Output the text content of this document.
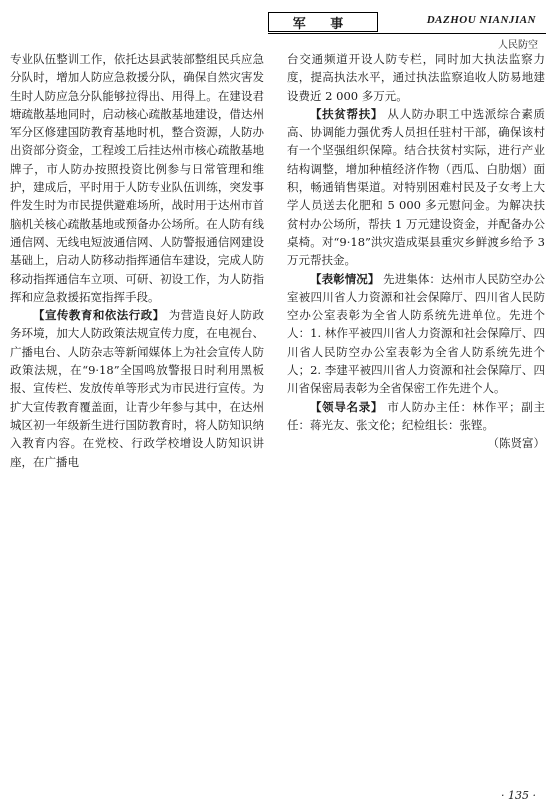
军 事	DAZHOU NIANJIAN
人民防空

专业队伍整训工作，依托达县武装部整组民兵应急分队时，增加人防应急救援分队，确保自然灾害发生时人防应急分队能够拉得出、用得上。在建设君塘疏散基地同时，启动核心疏散基地建设，借达州军分区修建国防教育基地时机，整合资源，人防办出资部分资金，工程竣工后挂达州市核心疏散基地牌子，市人防办按照投资比例参与日常管理和维护，建成后，平时用于人防专业队伍训练，突发事件发生时为市民提供避难场所，战时用于达州市首脑机关核心疏散基地或预备办公场所。在人防有线通信网、无线电短波通信网、人防警报通信网建设基础上，启动人防移动指挥通信车建设，完成人防移动指挥通信车立项、可研、初设工作，为人防指挥和应急救援拓宽指挥手段。

【宣传教育和依法行政】 为营造良好人防政务环境，加大人防政策法规宣传力度，在电视台、广播电台、人防杂志等新闻媒体上为社会宣传人防政策法规，在“9·18”全国鸣放警报日时利用黑板报、宣传栏、发放传单等形式为市民进行宣传。为扩大宣传教育覆盖面，让青少年参与其中，在达州城区初一年级新生进行国防教育时，将人防知识纳入教育内容。在党校、行政学校增设人防知识讲座，在广播电

台交通频道开设人防专栏，同时加大执法监察力度，提高执法水平，通过执法监察追收人防易地建设费近 2 000 多万元。

【扶贫帮扶】 从人防办职工中选派综合素质高、协调能力强优秀人员担任驻村干部，确保该村有一个坚强组织保障。结合扶贫村实际，进行产业结构调整，增加种植经济作物（西瓜、白肋烟）面积，畅通销售渠道。对特别困难村民及子女考上大学人员送去化肥和 5 000 多元慰问金。为解决扶贫村办公场所，帮扶 1 万元建设资金，并配备办公桌椅。对“9·18”洪灾造成渠县重灾乡鲜渡乡给予 3 万元帮扶金。

【表彰情况】 先进集体：达州市人民防空办公室被四川省人力资源和社会保障厅、四川省人民防空办公室表彰为全省人防系统先进单位。先进个人：1. 林作平被四川省人力资源和社会保障厅、四川省人民防空办公室表彰为全省人防系统先进个人；2. 李建平被四川省人力资源和社会保障厅、四川省保密局表彰为全省保密工作先进个人。

【领导名录】 市人防办主任：林作平；副主任：蒋光友、张文伦；纪检组长：张铿。

（陈贤富）

· 135 ·
